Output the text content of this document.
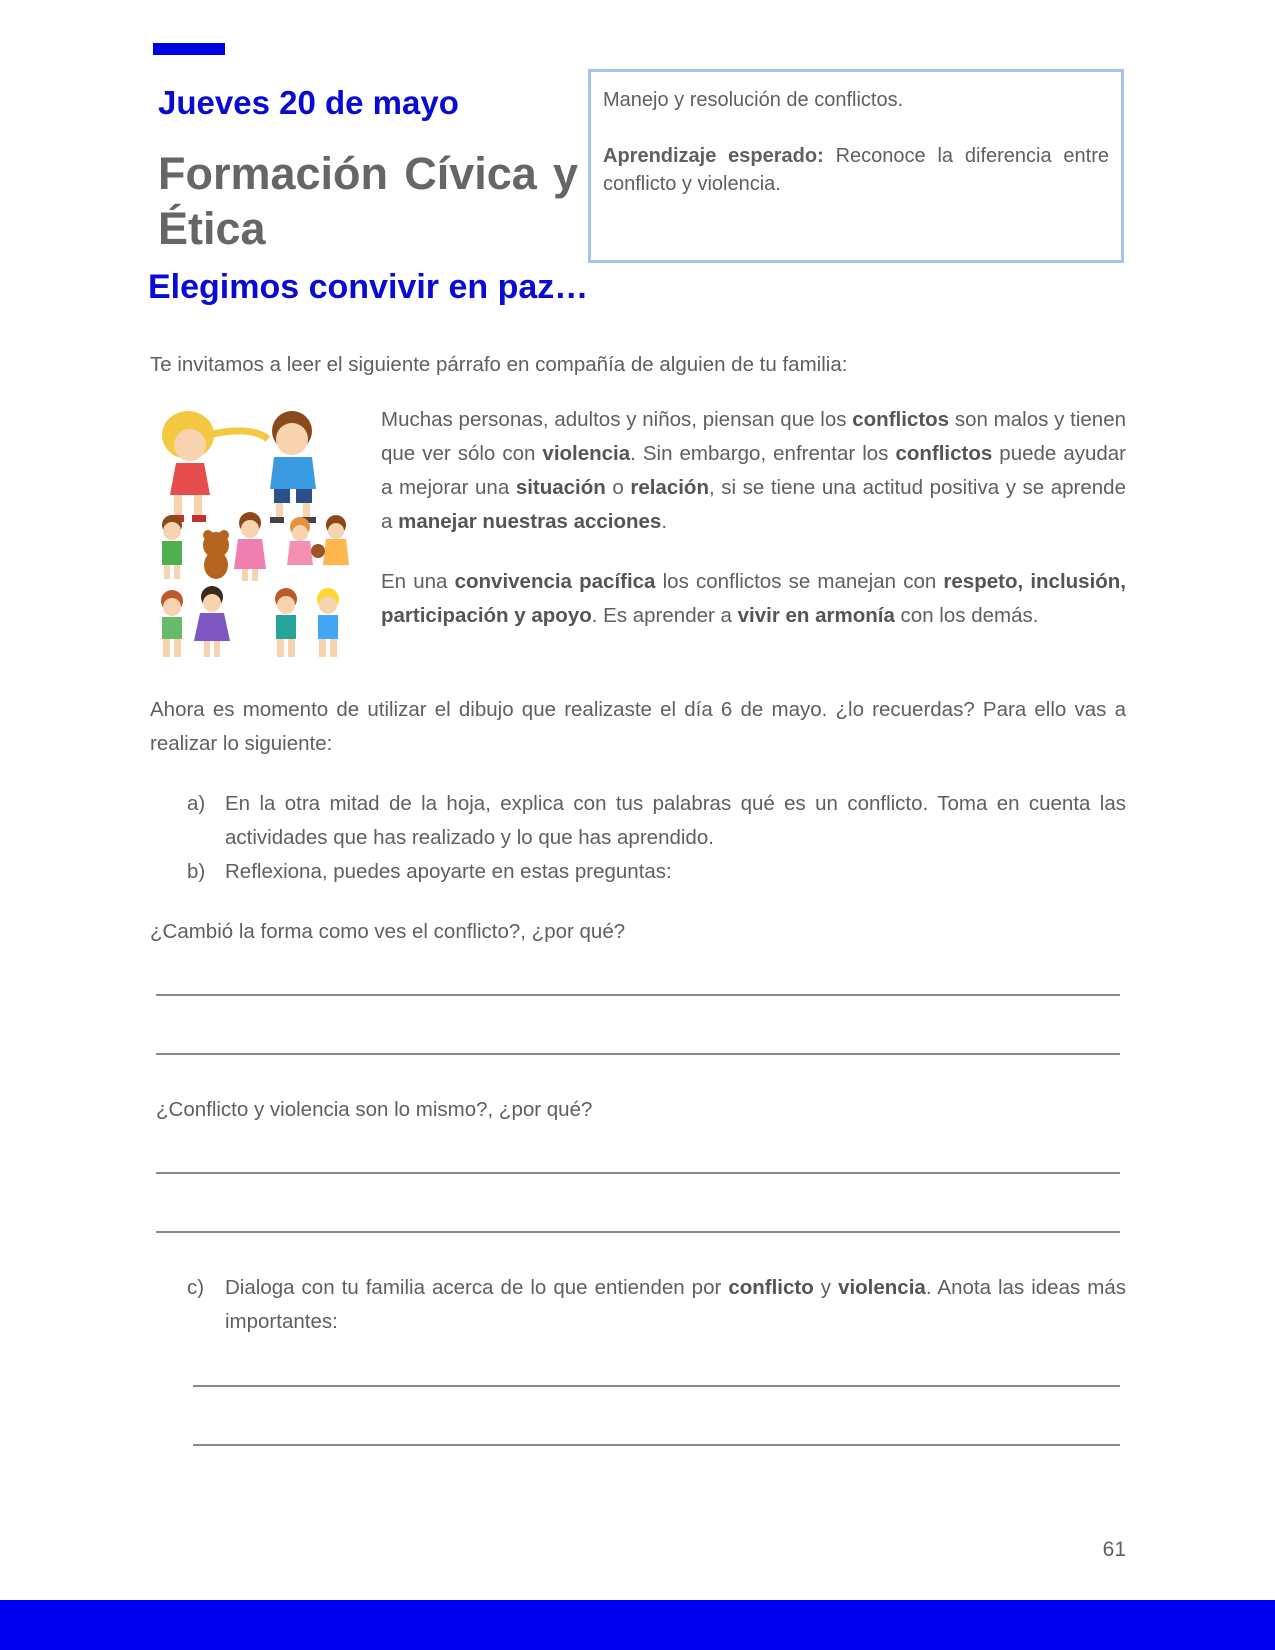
Jueves 20 de mayo
Formación Cívica y Ética

Manejo y resolución de conflictos.

Aprendizaje esperado: Reconoce la diferencia entre conflicto y violencia.

Elegimos convivir en paz…

Te invitamos a leer el siguiente párrafo en compañía de alguien de tu familia:

Muchas personas, adultos y niños, piensan que los conflictos son malos y tienen que ver sólo con violencia. Sin embargo, enfrentar los conflictos puede ayudar a mejorar una situación o relación, si se tiene una actitud positiva y se aprende a manejar nuestras acciones.

En una convivencia pacífica los conflictos se manejan con respeto, inclusión, participación y apoyo. Es aprender a vivir en armonía con los demás.

Ahora es momento de utilizar el dibujo que realizaste el día 6 de mayo. ¿lo recuerdas? Para ello vas a realizar lo siguiente:

a) En la otra mitad de la hoja, explica con tus palabras qué es un conflicto. Toma en cuenta las actividades que has realizado y lo que has aprendido.

b) Reflexiona, puedes apoyarte en estas preguntas:

¿Cambió la forma como ves el conflicto?, ¿por qué?

¿Conflicto y violencia son lo mismo?, ¿por qué?

c) Dialoga con tu familia acerca de lo que entienden por conflicto y violencia. Anota las ideas más importantes:

61
